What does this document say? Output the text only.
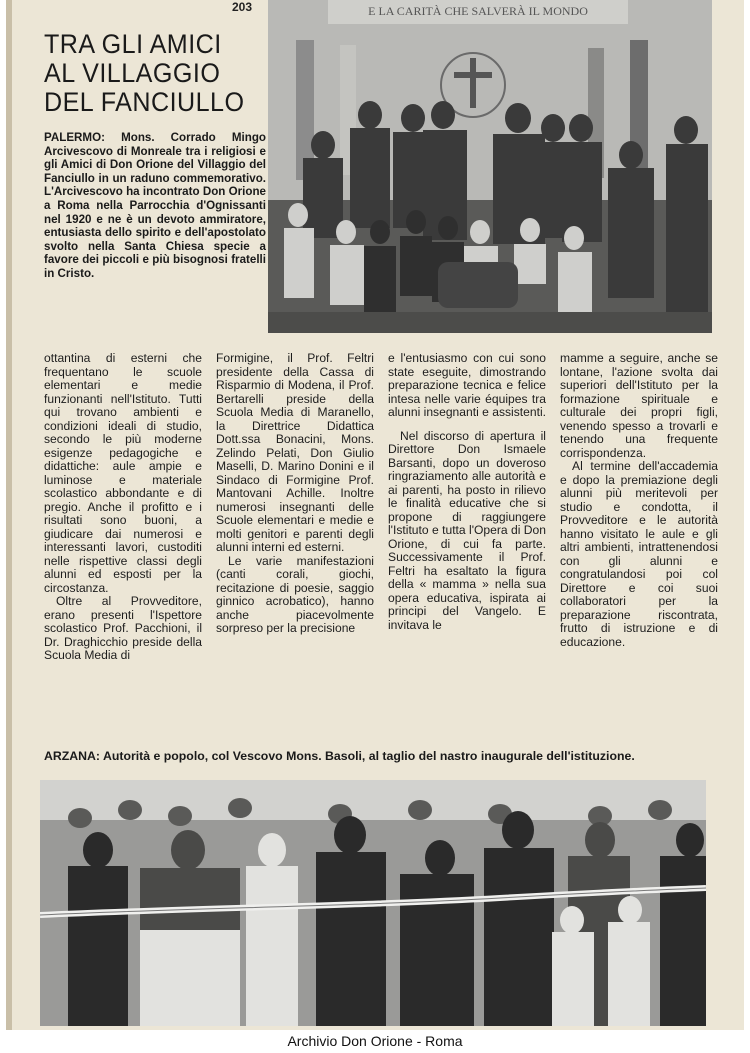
203
TRA GLI AMICI
AL VILLAGGIO
DEL FANCIULLO
PALERMO: Mons. Corrado Mingo Arcivescovo di Monreale tra i religiosi e gli Amici di Don Orione del Villaggio del Fanciullo in un raduno commemorativo. L'Arcivescovo ha incontrato Don Orione a Roma nella Parrocchia d'Ognissanti nel 1920 e ne è un devoto ammiratore, entusiasta dello spirito e dell'apostolato svolto nella Santa Chiesa specie a favore dei piccoli e più bisognosi fratelli in Cristo.
E LA CARITÀ CHE SALVERÀ IL MONDO

ottantina di esterni che frequentano le scuole elementari e medie funzionanti nell'Istituto. Tutti qui trovano ambienti e condizioni ideali di studio, secondo le più moderne esigenze pedagogiche e didattiche: aule ampie e luminose e materiale scolastico abbondante e di pregio. Anche il profitto e i risultati sono buoni, a giudicare dai numerosi e interessanti lavori, custoditi nelle rispettive classi degli alunni ed esposti per la circostanza.

Oltre al Provveditore, erano presenti l'Ispettore scolastico Prof. Pacchioni, il Dr. Draghicchio preside della Scuola Media di

Formigine, il Prof. Feltri presidente della Cassa di Risparmio di Modena, il Prof. Bertarelli preside della Scuola Media di Maranello, la Direttrice Didattica Dott.ssa Bonacini, Mons. Zelindo Pelati, Don Giulio Maselli, D. Marino Donini e il Sindaco di Formigine Prof. Mantovani Achille. Inoltre numerosi insegnanti delle Scuole elementari e medie e molti genitori e parenti degli alunni interni ed esterni.

Le varie manifestazioni (canti corali, giochi, recitazione di poesie, saggio ginnico acrobatico), hanno anche piacevolmente sorpreso per la precisione

e l'entusiasmo con cui sono state eseguite, dimostrando preparazione tecnica e felice intesa nelle varie équipes tra alunni insegnanti e assistenti.

Nel discorso di apertura il Direttore Don Ismaele Barsanti, dopo un doveroso ringraziamento alle autorità e ai parenti, ha posto in rilievo le finalità educative che si propone di raggiungere l'Istituto e tutta l'Opera di Don Orione, di cui fa parte. Successivamente il Prof. Feltri ha esaltato la figura della « mamma » nella sua opera educativa, ispirata ai principi del Vangelo. E invitava le

mamme a seguire, anche se lontane, l'azione svolta dai superiori dell'Istituto per la formazione spirituale e culturale dei propri figli, venendo spesso a trovarli e tenendo una frequente corrispondenza.

Al termine dell'accademia e dopo la premiazione degli alunni più meritevoli per studio e condotta, il Provveditore e le autorità hanno visitato le aule e gli altri ambienti, intrattenendosi con gli alunni e congratulandosi poi col Direttore e coi suoi collaboratori per la preparazione riscontrata, frutto di istruzione e di educazione.

ARZANA: Autorità e popolo, col Vescovo Mons. Basoli, al taglio del nastro inaugurale dell'istituzione.
Archivio Don Orione - Roma
